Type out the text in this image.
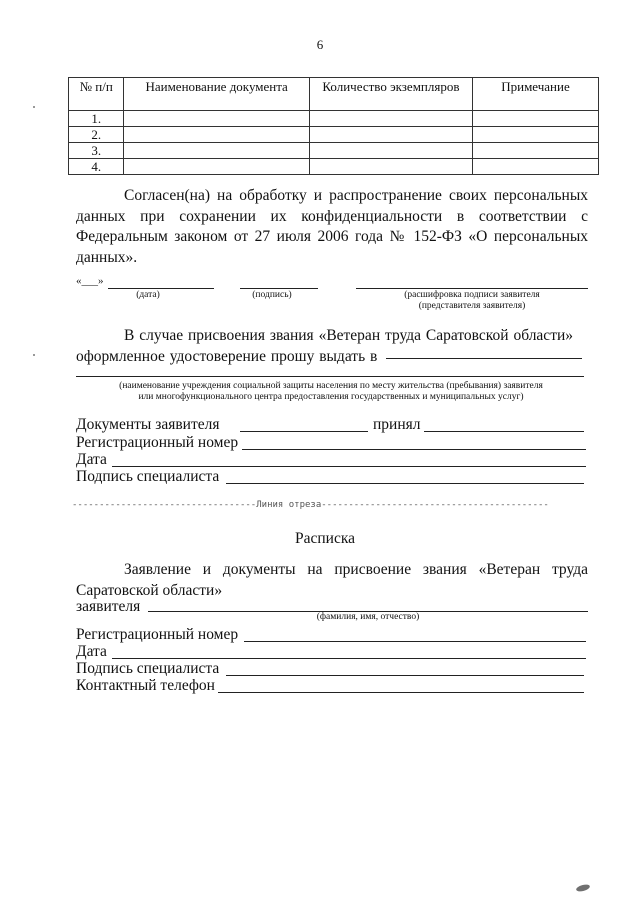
6
№ п/п	Наименование документа	Количество экземпляров	Примечание
1.			
2.			
3.			
4.			
Согласен(на) на обработку и распространение своих персональных данных при сохранении их конфиденциальности в соответствии с Федеральным законом от 27 июля 2006 года № 152-ФЗ «О персональных данных».
«___»
(дата)	(подпись)	(расшифровка подписи заявителя
(представителя заявителя)
В случае присвоения звания «Ветеран труда Саратовской области» оформленное удостоверение прошу выдать в
(наименование учреждения социальной защиты населения по месту жительства (пребывания) заявителя
или многофункционального центра предоставления государственных и муниципальных услуг)
Документы заявителя	принял
Регистрационный номер
Дата
Подпись специалиста
----------------------------------Линия отреза------------------------------------------
Расписка
Заявление и документы на присвоение звания «Ветеран труда Саратовской области»
заявителя
(фамилия, имя, отчество)
Регистрационный номер
Дата
Подпись специалиста
Контактный телефон
